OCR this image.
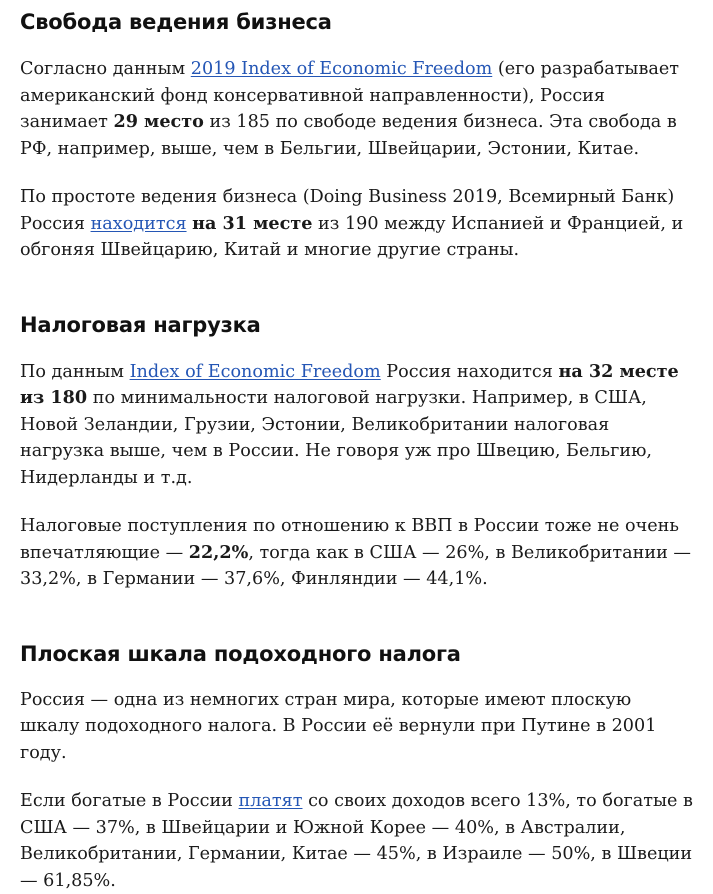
Свобода ведения бизнеса

Согласно данным 2019 Index of Economic Freedom (его разрабатывает американский фонд консервативной направленности), Россия занимает 29 место из 185 по свободе ведения бизнеса. Эта свобода в РФ, например, выше, чем в Бельгии, Швейцарии, Эстонии, Китае.

По простоте ведения бизнеса (Doing Business 2019, Всемирный Банк) Россия находится на 31 месте из 190 между Испанией и Францией, и обгоняя Швейцарию, Китай и многие другие страны.

Налоговая нагрузка

По данным Index of Economic Freedom Россия находится на 32 месте из 180 по минимальности налоговой нагрузки. Например, в США, Новой Зеландии, Грузии, Эстонии, Великобритании налоговая нагрузка выше, чем в России. Не говоря уж про Швецию, Бельгию, Нидерланды и т.д.

Налоговые поступления по отношению к ВВП в России тоже не очень впечатляющие — 22,2%, тогда как в США — 26%, в Великобритании — 33,2%, в Германии — 37,6%, Финляндии — 44,1%.

Плоская шкала подоходного налога

Россия — одна из немногих стран мира, которые имеют плоскую шкалу подоходного налога. В России её вернули при Путине в 2001 году.

Если богатые в России платят со своих доходов всего 13%, то богатые в США — 37%, в Швейцарии и Южной Корее — 40%, в Австралии, Великобритании, Германии, Китае — 45%, в Израиле — 50%, в Швеции — 61,85%.
